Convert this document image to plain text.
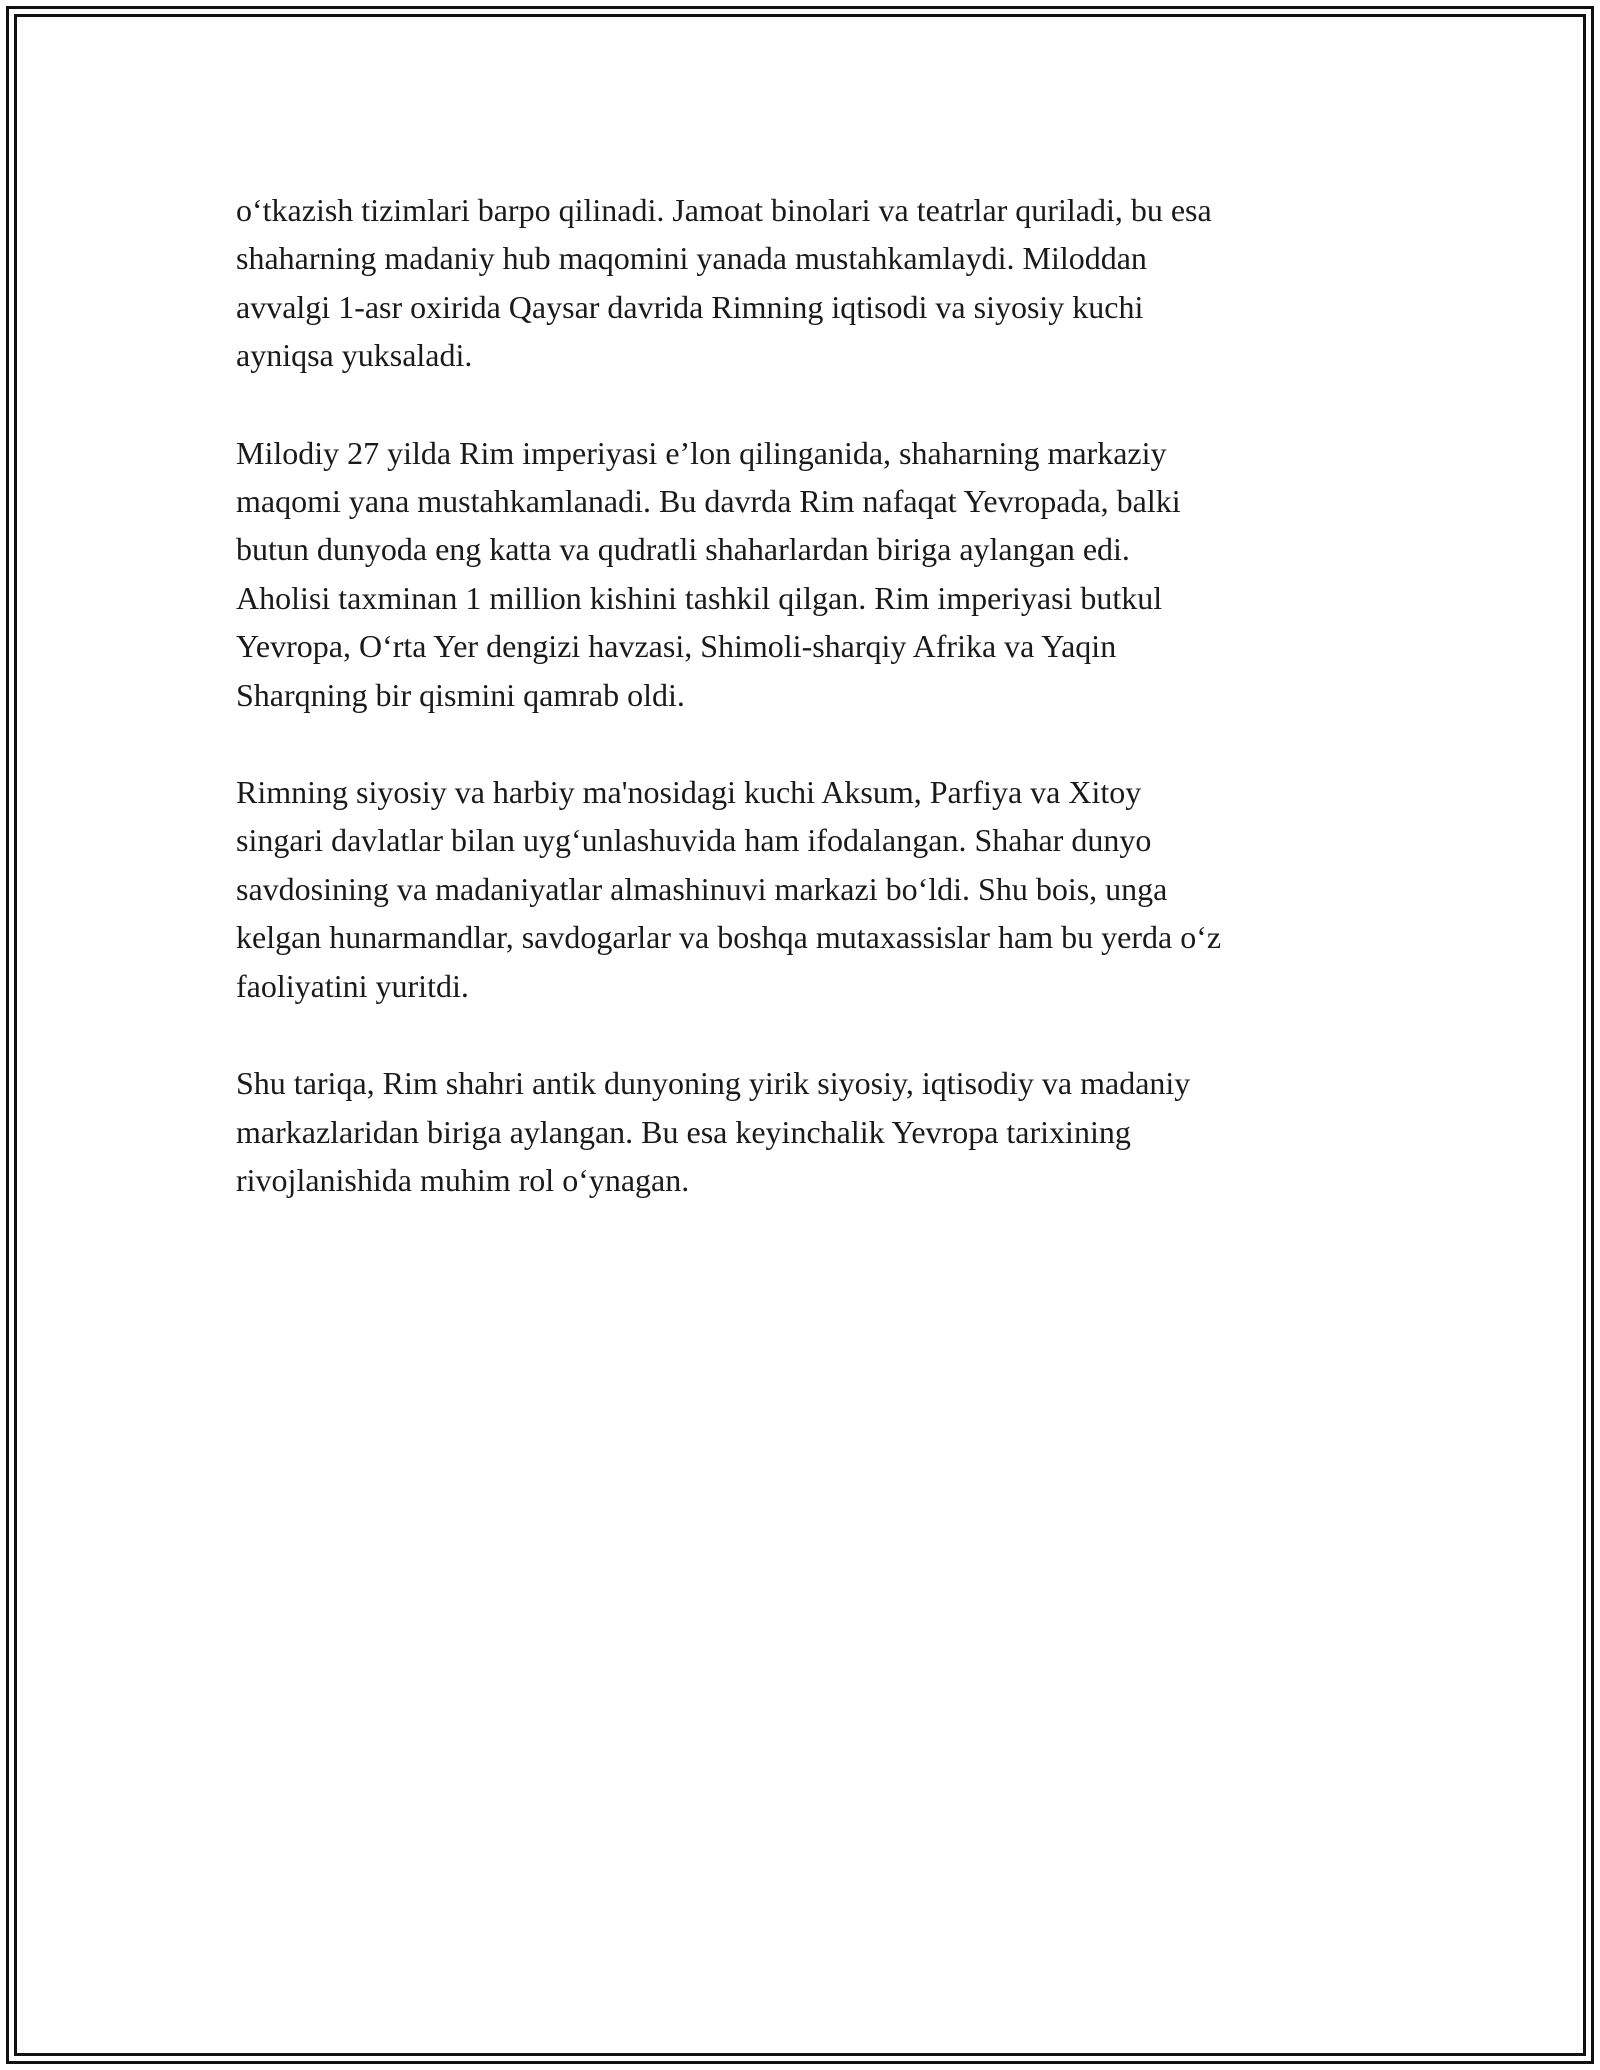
o‘tkazish tizimlari barpo qilinadi. Jamoat binolari va teatrlar quriladi, bu esa
shaharning madaniy hub maqomini yanada mustahkamlaydi. Miloddan
avvalgi 1-asr oxirida Qaysar davrida Rimning iqtisodi va siyosiy kuchi
ayniqsa yuksaladi.

Milodiy 27 yilda Rim imperiyasi e’lon qilinganida, shaharning markaziy
maqomi yana mustahkamlanadi. Bu davrda Rim nafaqat Yevropada, balki
butun dunyoda eng katta va qudratli shaharlardan biriga aylangan edi.
Aholisi taxminan 1 million kishini tashkil qilgan. Rim imperiyasi butkul
Yevropa, O‘rta Yer dengizi havzasi, Shimoli-sharqiy Afrika va Yaqin
Sharqning bir qismini qamrab oldi.

Rimning siyosiy va harbiy ma'nosidagi kuchi Aksum, Parfiya va Xitoy
singari davlatlar bilan uyg‘unlashuvida ham ifodalangan. Shahar dunyo
savdosining va madaniyatlar almashinuvi markazi bo‘ldi. Shu bois, unga
kelgan hunarmandlar, savdogarlar va boshqa mutaxassislar ham bu yerda o‘z
faoliyatini yuritdi.

Shu tariqa, Rim shahri antik dunyoning yirik siyosiy, iqtisodiy va madaniy
markazlaridan biriga aylangan. Bu esa keyinchalik Yevropa tarixining
rivojlanishida muhim rol o‘ynagan.
